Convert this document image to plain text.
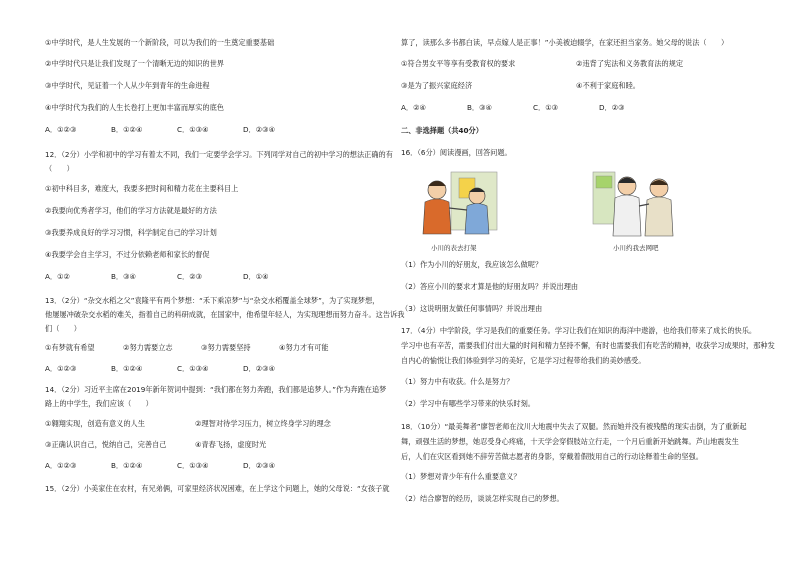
①中学时代，是人生发展的一个新阶段，可以为我们的一生奠定重要基础
②中学时代只是让我们发现了一个清晰无边的知识的世界
③中学时代，见证着一个人从少年到青年的生命进程
④中学时代为我们的人生长卷打上更加丰富而厚实的底色
A．①②③	B．①②④	C．①③④	D．②③④
12．（2分）小学和初中的学习有着太不同，我们一定要学会学习。下列同学对自己的初中学习的想法正确的有
（　　）
①初中科目多，难度大，我要多把时间和精力花在主要科目上
②我要向优秀者学习，他们的学习方法就是最好的方法
③我要养成良好的学习习惯，科学制定自己的学习计划
④我要学会自主学习，不过分依赖老师和家长的督促
A．①②	B．③④	C．②③	D．①④
13．（2分）“杂交水稻之父”袁隆平有两个梦想：“禾下乘凉梦”与“杂交水稻覆盖全球梦”，为了实现梦想，
他屡屡冲破杂交水稻的难关，指着自己的科研成就，在国家中，他希望年轻人，为实现理想而努力奋斗。这告诉我
们（　　）
①有梦就有希望	②努力需要立志	③努力需要坚持	④努力才有可能
A．①②③	B．①②④	C．①③④	D．②③④
14．（2分）习近平主席在2019年新年贺词中提到：“我们都在努力奔跑，我们都是追梦人。”作为奔跑在追梦
路上的中学生，我们应该（　　）
①翱翔实现，创造有意义的人生	②理智对待学习压力，树立终身学习的理念
③正确认识自己，悦纳自己，完善自己	④青春飞扬，虚度时光
A．①②③	B．①②④	C．①③④	D．②③④
15．（2分）小美家住在农村，有兄弟俩，可家里经济状况困难，在上学这个问题上，她的父母说：“女孩子就
算了，读那么多书都白读，早点嫁人是正事！”小美被迫辍学，在家还担当家务。她父母的说法（　　）
①符合男女平等享有受教育权的要求	②违背了宪法和义务教育法的规定
③是为了振兴家庭经济	④不利于家庭和睦。
A．②④	B．③④	C．①③	D．②③
二、非选择题（共40分）
16．（6分）阅读漫画，回答问题。
小川的表去打架	小川约我去网吧
（1）作为小川的好朋友，我应该怎么做呢？
（2）答应小川的要求才算是他的好朋友吗？并说出理由
（3）这说明朋友做任何事情吗？并说出理由
17．（4分）中学阶段，学习是我们的重要任务。学习让我们在知识的海洋中遨游，也给我们带来了成长的快乐。
学习中也有辛苦，需要我们付出大量的时间和精力坚持不懈，有时也需要我们有吃苦的精神，收获学习成果时，那种发
自内心的愉悦让我们体验到学习的美好，它是学习过程带给我们的美妙感受。
（1）努力中有收获。什么是努力？
（2）学习中有哪些学习带来的快乐时刻。
18．（10分）“最美舞者”廖智老师在汶川大地震中失去了双腿。然而她并没有被残酷的现实击倒，为了重新起
舞，顽强生活的梦想，她忍受身心疼痛，十天学会穿假肢站立行走，一个月后重新开始跳舞。芦山地震发生
后，人们在灾区看到她不辞劳苦做志愿者的身影，穿戴着假肢用自己的行动诠释着生命的坚强。
（1）梦想对青少年有什么重要意义？
（2）结合廖智的经历，谈谈怎样实现自己的梦想。
